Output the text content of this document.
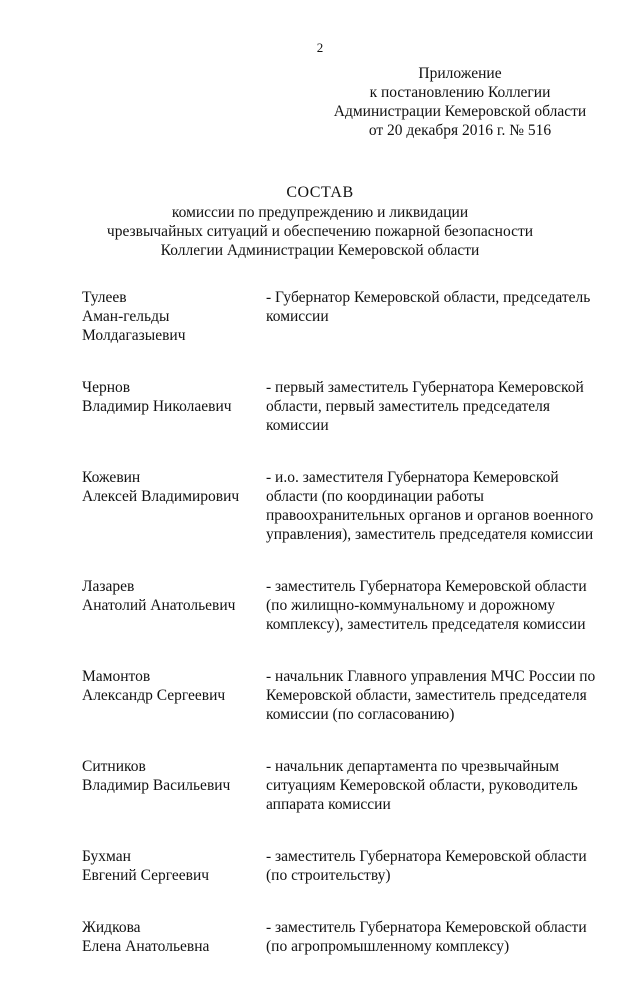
2
Приложение
к постановлению Коллегии
Администрации Кемеровской области
от 20 декабря 2016 г. № 516
СОСТАВ
комиссии по предупреждению и ликвидации
чрезвычайных ситуаций и обеспечению пожарной безопасности
Коллегии Администрации Кемеровской области
Тулеев
Аман-гельды
Молдагазыевич
- Губернатор Кемеровской области, председатель
комиссии
Чернов
Владимир Николаевич
- первый заместитель Губернатора Кемеровской
области, первый заместитель председателя
комиссии
Кожевин
Алексей Владимирович
- и.о. заместителя Губернатора Кемеровской
области (по координации работы
правоохранительных органов и органов военного
управления), заместитель председателя комиссии
Лазарев
Анатолий Анатольевич
- заместитель Губернатора Кемеровской области
(по жилищно-коммунальному и дорожному
комплексу), заместитель председателя комиссии
Мамонтов
Александр Сергеевич
- начальник Главного управления МЧС России по
Кемеровской области, заместитель председателя
комиссии (по согласованию)
Ситников
Владимир Васильевич
- начальник департамента по чрезвычайным
ситуациям Кемеровской области, руководитель
аппарата комиссии
Бухман
Евгений Сергеевич
- заместитель Губернатора Кемеровской области
(по строительству)
Жидкова
Елена Анатольевна
- заместитель Губернатора Кемеровской области
(по агропромышленному комплексу)
